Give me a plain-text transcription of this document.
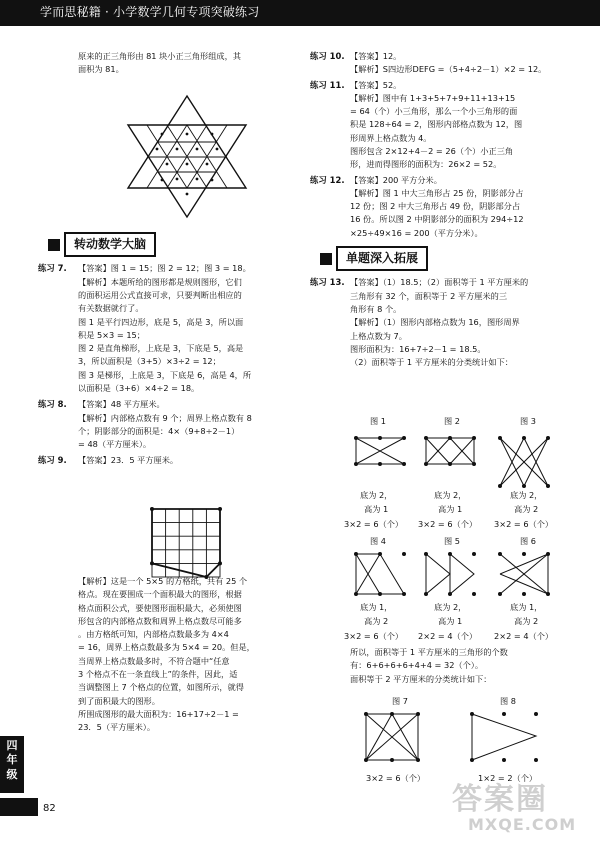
学而思秘籍 · 小学数学几何专项突破练习

原来的正三角形由 81 块小正三角形组成，其

面积为 81。

转动数学大脑
练习 7.	【答案】图 1 = 15；图 2 = 12；图 3 = 18。

【解析】本题所给的图形都是规则图形，它们

的面积运用公式直接可求，只要判断出相应的

有关数据就行了。

图 1 是平行四边形，底是 5，高是 3，所以面

积是 5×3 = 15；

图 2 是直角梯形，上底是 3，下底是 5，高是

3，所以面积是（3+5）×3÷2 = 12；

图 3 是梯形，上底是 3，下底是 6，高是 4，所

以面积是（3+6）×4÷2 = 18。

练习 8.	【答案】48 平方厘米。

【解析】内部格点数有 9 个；周界上格点数有 8

个；阴影部分的面积是：4×（9+8÷2－1）

= 48（平方厘米）。

练习 9.	【答案】23．5 平方厘米。

【解析】这是一个 5×5 的方格纸，共有 25 个

格点。现在要围成一个面积最大的图形，根据

格点面积公式，要使图形面积最大，必须使图

形包含的内部格点数和周界上格点数尽可能多

。由方格纸可知，内部格点数最多为 4×4

= 16，周界上格点数最多为 5×4 = 20。但是，

当周界上格点数最多时，不符合题中“任意

3 个格点不在一条直线上”的条件，因此，适

当调整图上 7 个格点的位置，如图所示，就得

到了面积最大的图形。

所围成图形的最大面积为：16+17÷2－1 =

23．5（平方厘米）。

练习 10. 【答案】12。

【解析】S四边形DEFG =（5+4÷2－1）×2 = 12。

练习 11. 【答案】52。

【解析】图中有 1+3+5+7+9+11+13+15

= 64（个）小三角形，那么一个小三角形的面

积是 128÷64 = 2，图形内部格点数为 12，图

形周界上格点数为 4。

图形包含 2×12+4－2 = 26（个）小正三角

形，进而得图形的面积为：26×2 = 52。

练习 12. 【答案】200 平方分米。

【解析】图 1 中大三角形占 25 份，阴影部分占

12 份；图 2 中大三角形占 49 份，阴影部分占

16 份。所以图 2 中阴影部分的面积为 294÷12

×25÷49×16 = 200（平方分米）。

单题深入拓展
练习 13. 【答案】（1）18.5；（2）面积等于 1 平方厘米的

三角形有 32 个，面积等于 2 平方厘米的三

角形有 8 个。

【解析】（1）图形内部格点数为 16，图形周界

上格点数为 7。

图形面积为：16+7÷2－1 = 18.5。

（2）面积等于 1 平方厘米的分类统计如下：

图 1	图 2	图 3
底为 2，	底为 2，	底为 2，
高为 1	高为 1	高为 2
3×2 = 6（个） 3×2 = 6（个） 3×2 = 6（个）
图 4	图 5	图 6
底为 1，	底为 2，	底为 1，
高为 2	高为 1	高为 2
3×2 = 6（个） 2×2 = 4（个） 2×2 = 4（个）

所以，面积等于 1 平方厘米的三角形的个数

有：6+6+6+6+4+4 = 32（个）。

面积等于 2 平方厘米的分类统计如下：

图 7	图 8
3×2 = 6（个）	1×2 = 2（个）
四年级
82	答案圈
MXQE.COM
